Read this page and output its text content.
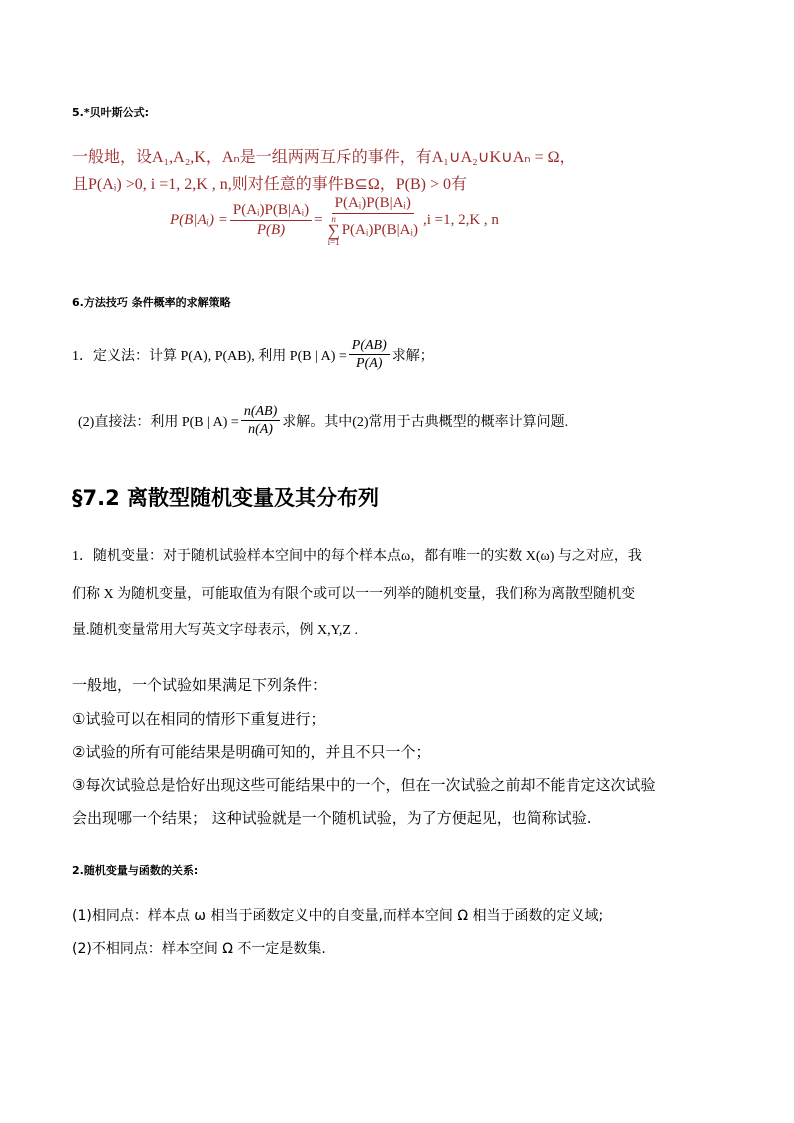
5.*贝叶斯公式:
一般地，设A₁,A₂,K，Aₙ是一组两两互斥的事件，有A₁∪A₂∪K∪Aₙ = Ω，
且P(Aᵢ) >0, i =1, 2,K , n,则对任意的事件B⊆Ω，P(B) > 0有
P(B|Aᵢ) = $\frac{\text{P(Aᵢ)P(B|Aᵢ)}}{P(B)}$ = P(Aᵢ)P(B|Aᵢ)
n
∑
i=1
P(Aᵢ)P(B|Aᵢ) ,i =1, 2,K , n
6.方法技巧 条件概率的求解策略
1．定义法：计算 P(A), P(AB), 利用 P(B | $A) = \frac{P(AB)}{P(A)}$ 求解；
(2)直接法：利用 P(B | $A) = \frac{n(AB)}{n(A)}$ 求解。其中(2)常用于古典概型的概率计算问题.
§7.2 离散型随机变量及其分布列
1．随机变量：对于随机试验样本空间中的每个样本点ω，都有唯一的实数 X(ω) 与之对应，我
们称 X 为随机变量，可能取值为有限个或可以一一列举的随机变量，我们称为离散型随机变
量.随机变量常用大写英文字母表示，例 X,Y,Z .
一般地，一个试验如果满足下列条件：
①试验可以在相同的情形下重复进行；
②试验的所有可能结果是明确可知的，并且不只一个；
③每次试验总是恰好出现这些可能结果中的一个，但在一次试验之前却不能肯定这次试验
会出现哪一个结果； 这种试验就是一个随机试验，为了方便起见，也简称试验.
2.随机变量与函数的关系:
(1)相同点：样本点 ω 相当于函数定义中的自变量,而样本空间 Ω 相当于函数的定义域;
(2)不相同点：样本空间 Ω 不一定是数集.
